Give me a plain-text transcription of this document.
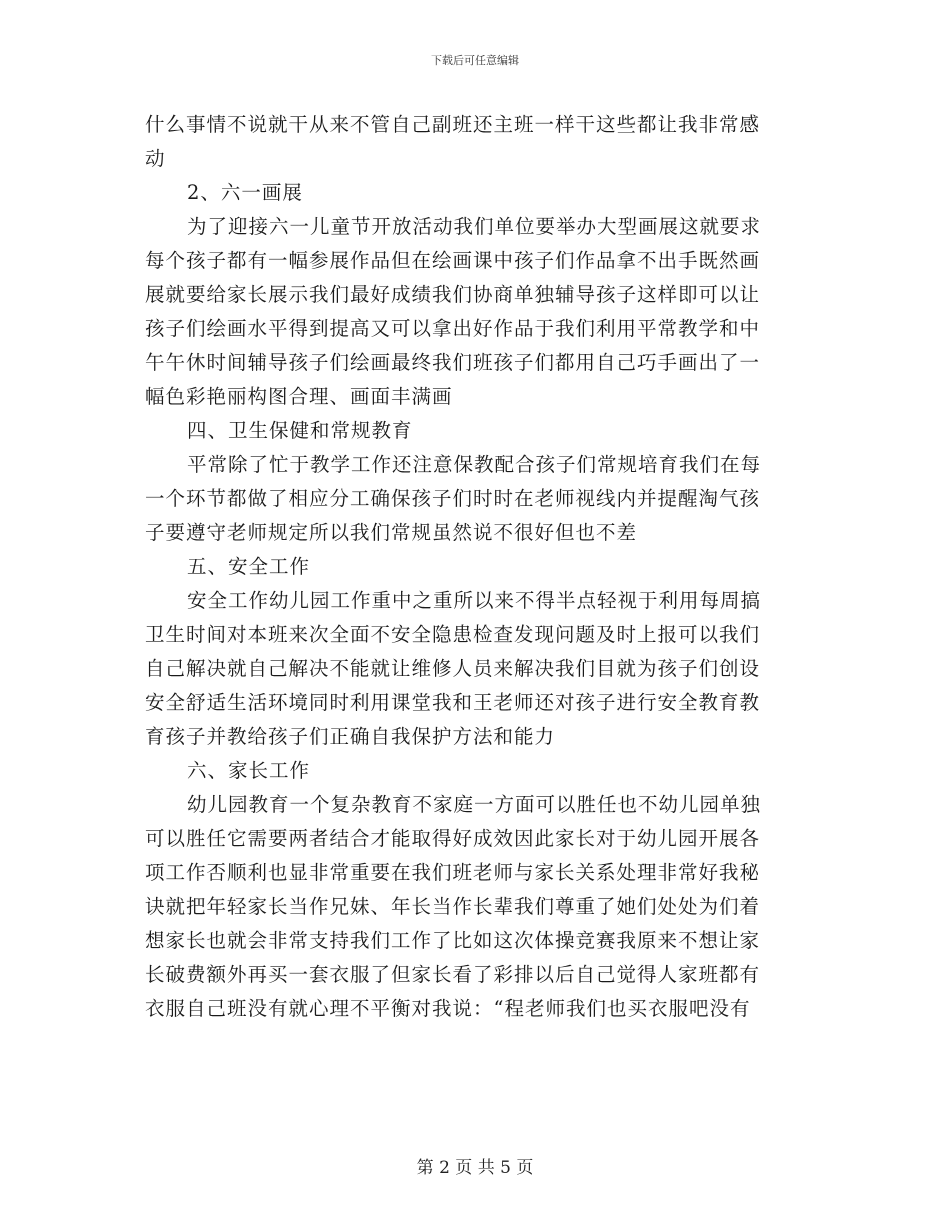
下载后可任意编辑
什么事情不说就干从来不管自己副班还主班一样干这些都让我非常感
动
2、六一画展
为了迎接六一儿童节开放活动我们单位要举办大型画展这就要求
每个孩子都有一幅参展作品但在绘画课中孩子们作品拿不出手既然画
展就要给家长展示我们最好成绩我们协商单独辅导孩子这样即可以让
孩子们绘画水平得到提高又可以拿出好作品于我们利用平常教学和中
午午休时间辅导孩子们绘画最终我们班孩子们都用自己巧手画出了一
幅色彩艳丽构图合理、画面丰满画
四、卫生保健和常规教育
平常除了忙于教学工作还注意保教配合孩子们常规培育我们在每
一个环节都做了相应分工确保孩子们时时在老师视线内并提醒淘气孩
子要遵守老师规定所以我们常规虽然说不很好但也不差
五、安全工作
安全工作幼儿园工作重中之重所以来不得半点轻视于利用每周搞
卫生时间对本班来次全面不安全隐患检查发现问题及时上报可以我们
自己解决就自己解决不能就让维修人员来解决我们目就为孩子们创设
安全舒适生活环境同时利用课堂我和王老师还对孩子进行安全教育教
育孩子并教给孩子们正确自我保护方法和能力
六、家长工作
幼儿园教育一个复杂教育不家庭一方面可以胜任也不幼儿园单独
可以胜任它需要两者结合才能取得好成效因此家长对于幼儿园开展各
项工作否顺利也显非常重要在我们班老师与家长关系处理非常好我秘
诀就把年轻家长当作兄妹、年长当作长辈我们尊重了她们处处为们着
想家长也就会非常支持我们工作了比如这次体操竞赛我原来不想让家
长破费额外再买一套衣服了但家长看了彩排以后自己觉得人家班都有
衣服自己班没有就心理不平衡对我说：“程老师我们也买衣服吧没有
第 2 页 共 5 页
